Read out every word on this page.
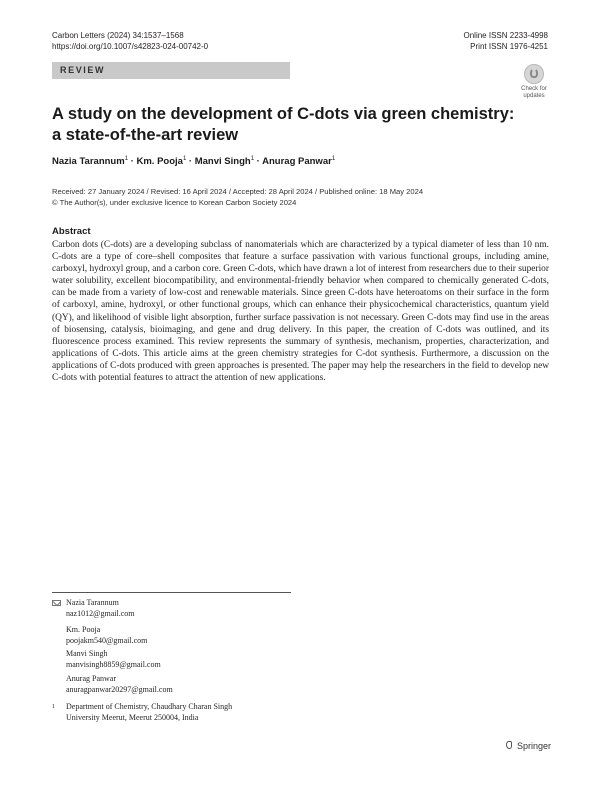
Carbon Letters (2024) 34:1537–1568
https://doi.org/10.1007/s42823-024-00742-0
Online ISSN 2233-4998
Print ISSN 1976-4251
REVIEW
Check for
updates
A study on the development of C-dots via green chemistry:
a state-of-the-art review
Nazia Tarannum$^1$ · Km. Pooja$^1$ · Manvi Singh$^1$ · Anurag Panwar$^1$
Received: 27 January 2024 / Revised: 16 April 2024 / Accepted: 28 April 2024 / Published online: 18 May 2024
© The Author(s), under exclusive licence to Korean Carbon Society 2024
Abstract
Carbon dots (C-dots) are a developing subclass of nanomaterials which are characterized by a typical diameter of less than 10 nm. C-dots are a type of core–shell composites that feature a surface passivation with various functional groups, including amine, carboxyl, hydroxyl group, and a carbon core. Green C-dots, which have drawn a lot of interest from researchers due to their superior water solubility, excellent biocompatibility, and environmental-friendly behavior when compared to chemically generated C-dots, can be made from a variety of low-cost and renewable materials. Since green C-dots have heteroatoms on their surface in the form of carboxyl, amine, hydroxyl, or other functional groups, which can enhance their physicochemical characteristics, quantum yield (QY), and likelihood of visible light absorption, further surface passivation is not necessary. Green C-dots may find use in the areas of biosensing, catalysis, bioimaging, and gene and drug delivery. In this paper, the creation of C-dots was outlined, and its fluorescence process examined. This review represents the summary of synthesis, mechanism, properties, characterization, and applications of C-dots. This article aims at the green chemistry strategies for C-dot synthesis. Furthermore, a discussion on the applications of C-dots produced with green approaches is presented. The paper may help the researchers in the field to develop new C-dots with potential features to attract the attention of new applications.
Nazia Tarannum
naz1012@gmail.com
Km. Pooja
poojakm540@gmail.com
Manvi Singh
manvisingh8859@gmail.com
Anurag Panwar
anuragpanwar20297@gmail.com
1 Department of Chemistry, Chaudhary Charan Singh
University Meerut, Meerut 250004, India
Springer
